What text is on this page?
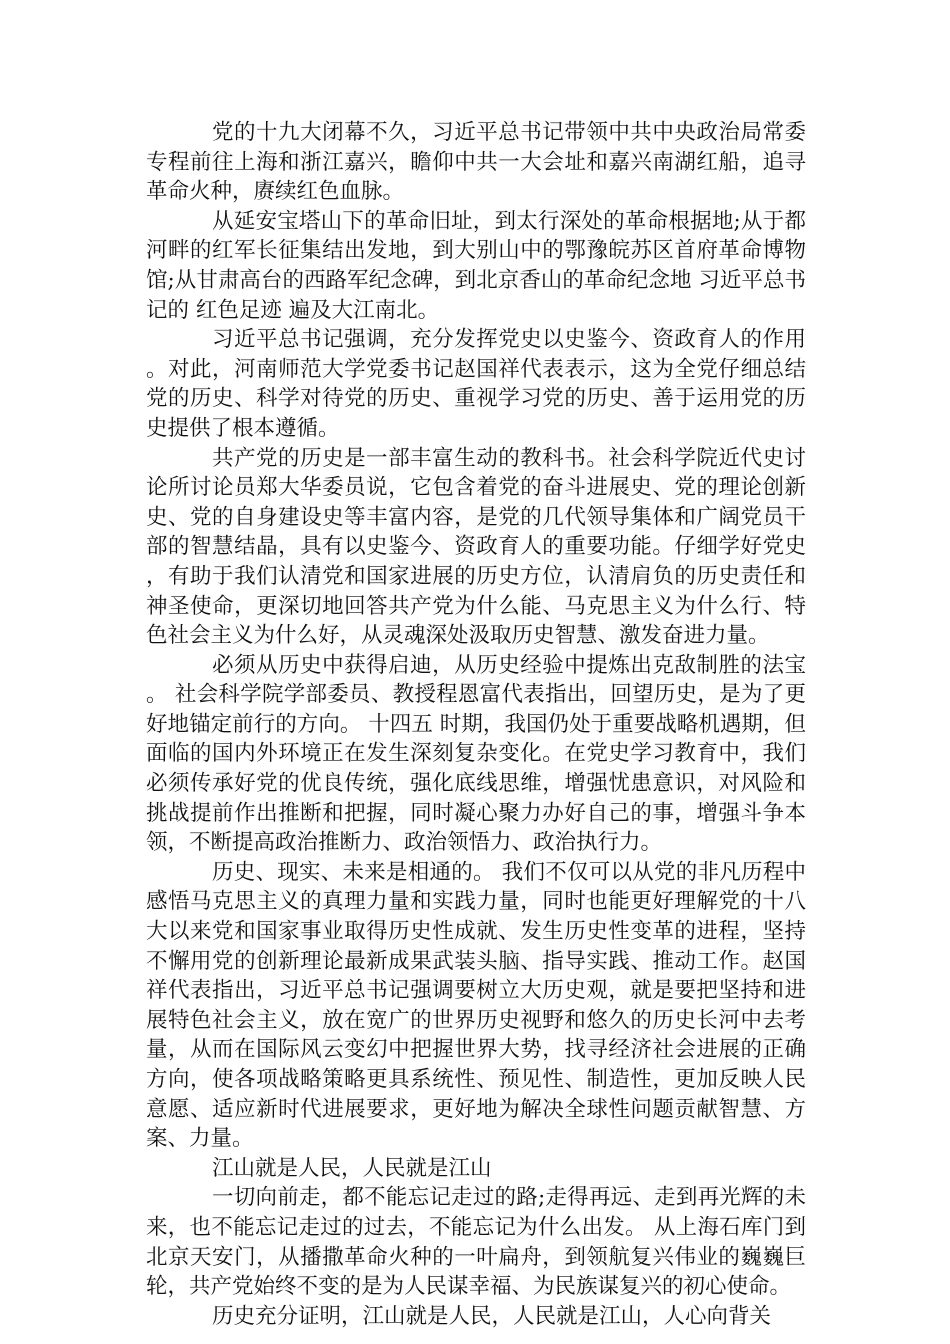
党的十九大闭幕不久，习近平总书记带领中共中央政治局常委专程前往上海和浙江嘉兴，瞻仰中共一大会址和嘉兴南湖红船，追寻革命火种，赓续红色血脉。

从延安宝塔山下的革命旧址，到太行深处的革命根据地;从于都河畔的红军长征集结出发地，到大别山中的鄂豫皖苏区首府革命博物馆;从甘肃高台的西路军纪念碑，到北京香山的革命纪念地 习近平总书记的 红色足迹 遍及大江南北。

习近平总书记强调，充分发挥党史以史鉴今、资政育人的作用。对此，河南师范大学党委书记赵国祥代表表示，这为全党仔细总结党的历史、科学对待党的历史、重视学习党的历史、善于运用党的历史提供了根本遵循。

共产党的历史是一部丰富生动的教科书。社会科学院近代史讨论所讨论员郑大华委员说，它包含着党的奋斗进展史、党的理论创新史、党的自身建设史等丰富内容，是党的几代领导集体和广阔党员干部的智慧结晶，具有以史鉴今、资政育人的重要功能。仔细学好党史，有助于我们认清党和国家进展的历史方位，认清肩负的历史责任和神圣使命，更深切地回答共产党为什么能、马克思主义为什么行、特色社会主义为什么好，从灵魂深处汲取历史智慧、激发奋进力量。

必须从历史中获得启迪，从历史经验中提炼出克敌制胜的法宝。 社会科学院学部委员、教授程恩富代表指出，回望历史，是为了更好地锚定前行的方向。 十四五 时期，我国仍处于重要战略机遇期，但面临的国内外环境正在发生深刻复杂变化。在党史学习教育中，我们必须传承好党的优良传统，强化底线思维，增强忧患意识，对风险和挑战提前作出推断和把握，同时凝心聚力办好自己的事，增强斗争本领，不断提高政治推断力、政治领悟力、政治执行力。

历史、现实、未来是相通的。 我们不仅可以从党的非凡历程中感悟马克思主义的真理力量和实践力量，同时也能更好理解党的十八大以来党和国家事业取得历史性成就、发生历史性变革的进程，坚持不懈用党的创新理论最新成果武装头脑、指导实践、推动工作。赵国祥代表指出，习近平总书记强调要树立大历史观，就是要把坚持和进展特色社会主义，放在宽广的世界历史视野和悠久的历史长河中去考量，从而在国际风云变幻中把握世界大势，找寻经济社会进展的正确方向，使各项战略策略更具系统性、预见性、制造性，更加反映人民意愿、适应新时代进展要求，更好地为解决全球性问题贡献智慧、方案、力量。

江山就是人民，人民就是江山

一切向前走，都不能忘记走过的路;走得再远、走到再光辉的未来，也不能忘记走过的过去，不能忘记为什么出发。 从上海石库门到北京天安门，从播撒革命火种的一叶扁舟，到领航复兴伟业的巍巍巨轮，共产党始终不变的是为人民谋幸福、为民族谋复兴的初心使命。

历史充分证明，江山就是人民，人民就是江山，人心向背关
